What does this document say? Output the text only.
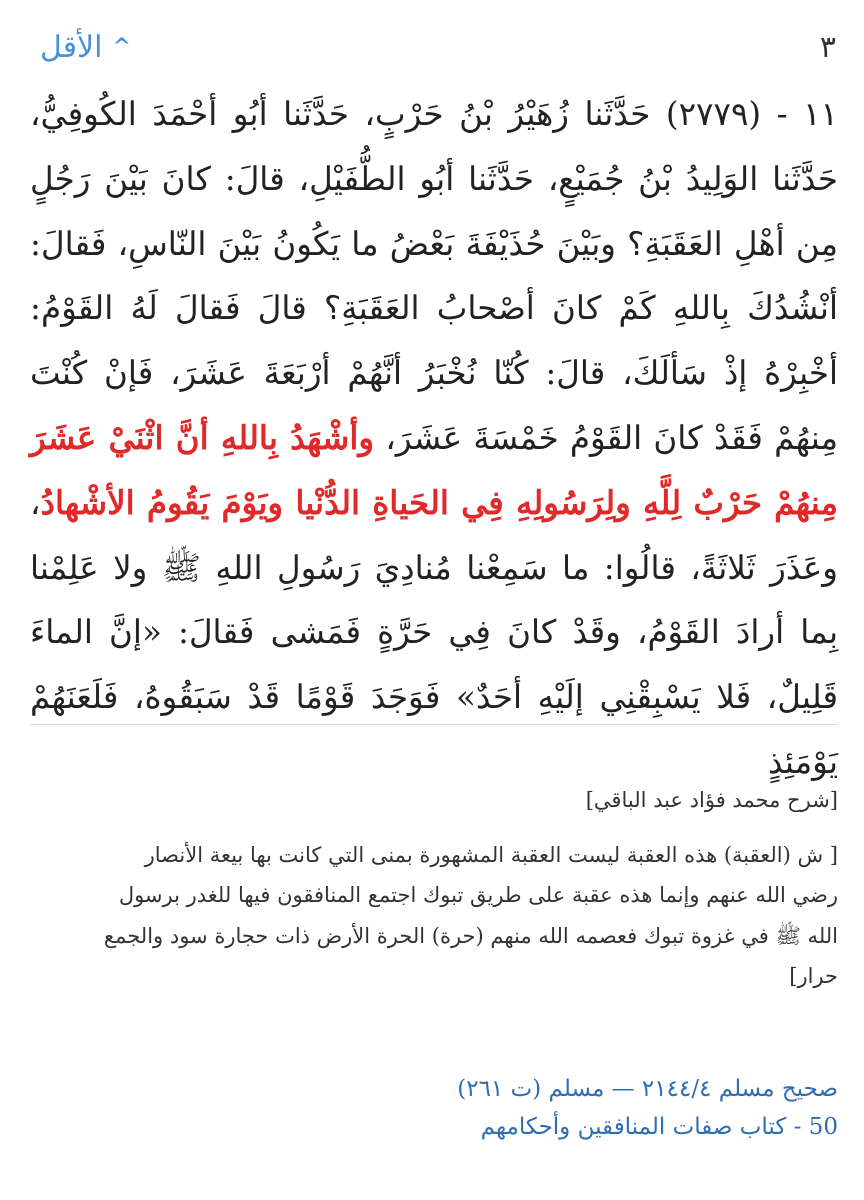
الأقل ^	٣
١١ - (٢٧٧٩) حَدَّثَنا زُهَيْرُ بْنُ حَرْبٍ، حَدَّثَنا أبُو أحْمَدَ الكُوفِيُّ، حَدَّثَنا الوَلِيدُ بْنُ جُمَيْعٍ، حَدَّثَنا أبُو الطُّفَيْلِ، قالَ: كانَ بَيْنَ رَجُلٍ مِن أهْلِ العَقَبَةِ؟ وبَيْنَ حُذَيْفَةَ بَعْضُ ما يَكُونُ بَيْنَ النّاسِ، فَقالَ: أنْشُدُكَ بِاللهِ كَمْ كانَ أصْحابُ العَقَبَةِ؟ قالَ فَقالَ لَهُ القَوْمُ: أخْبِرْهُ إذْ سَألَكَ، قالَ: كُنّا نُخْبَرُ أنَّهُمْ أرْبَعَةَ عَشَرَ، فَإنْ كُنْتَ مِنهُمْ فَقَدْ كانَ القَوْمُ خَمْسَةَ عَشَرَ، وأشْهَدُ بِاللهِ أنَّ اثْنَيْ عَشَرَ مِنهُمْ حَرْبٌ لِلَّهِ ولِرَسُولِهِ فِي الحَياةِ الدُّنْيا ويَوْمَ يَقُومُ الأشْهادُ، وعَذَرَ ثَلاثَةً، قالُوا: ما سَمِعْنا مُنادِيَ رَسُولِ اللهِ ﷺ ولا عَلِمْنا بِما أرادَ القَوْمُ، وقَدْ كانَ فِي حَرَّةٍ فَمَشى فَقالَ: «إنَّ الماءَ قَلِيلٌ، فَلا يَسْبِقْنِي إلَيْهِ أحَدٌ» فَوَجَدَ قَوْمًا قَدْ سَبَقُوهُ، فَلَعَنَهُمْ يَوْمَئِذٍ

[شرح محمد فؤاد عبد الباقي]

[ ش (العقبة) هذه العقبة ليست العقبة المشهورة بمنى التي كانت بها بيعة الأنصار رضي الله عنهم وإنما هذه عقبة على طريق تبوك اجتمع المنافقون فيها للغدر برسول الله ﷺ في غزوة تبوك فعصمه الله منهم (حرة) الحرة الأرض ذات حجارة سود والجمع حرار]

صحيح مسلم ٢١٤٤/٤ — مسلم (ت ٢٦١)
50 - كتاب صفات المنافقين وأحكامهم
